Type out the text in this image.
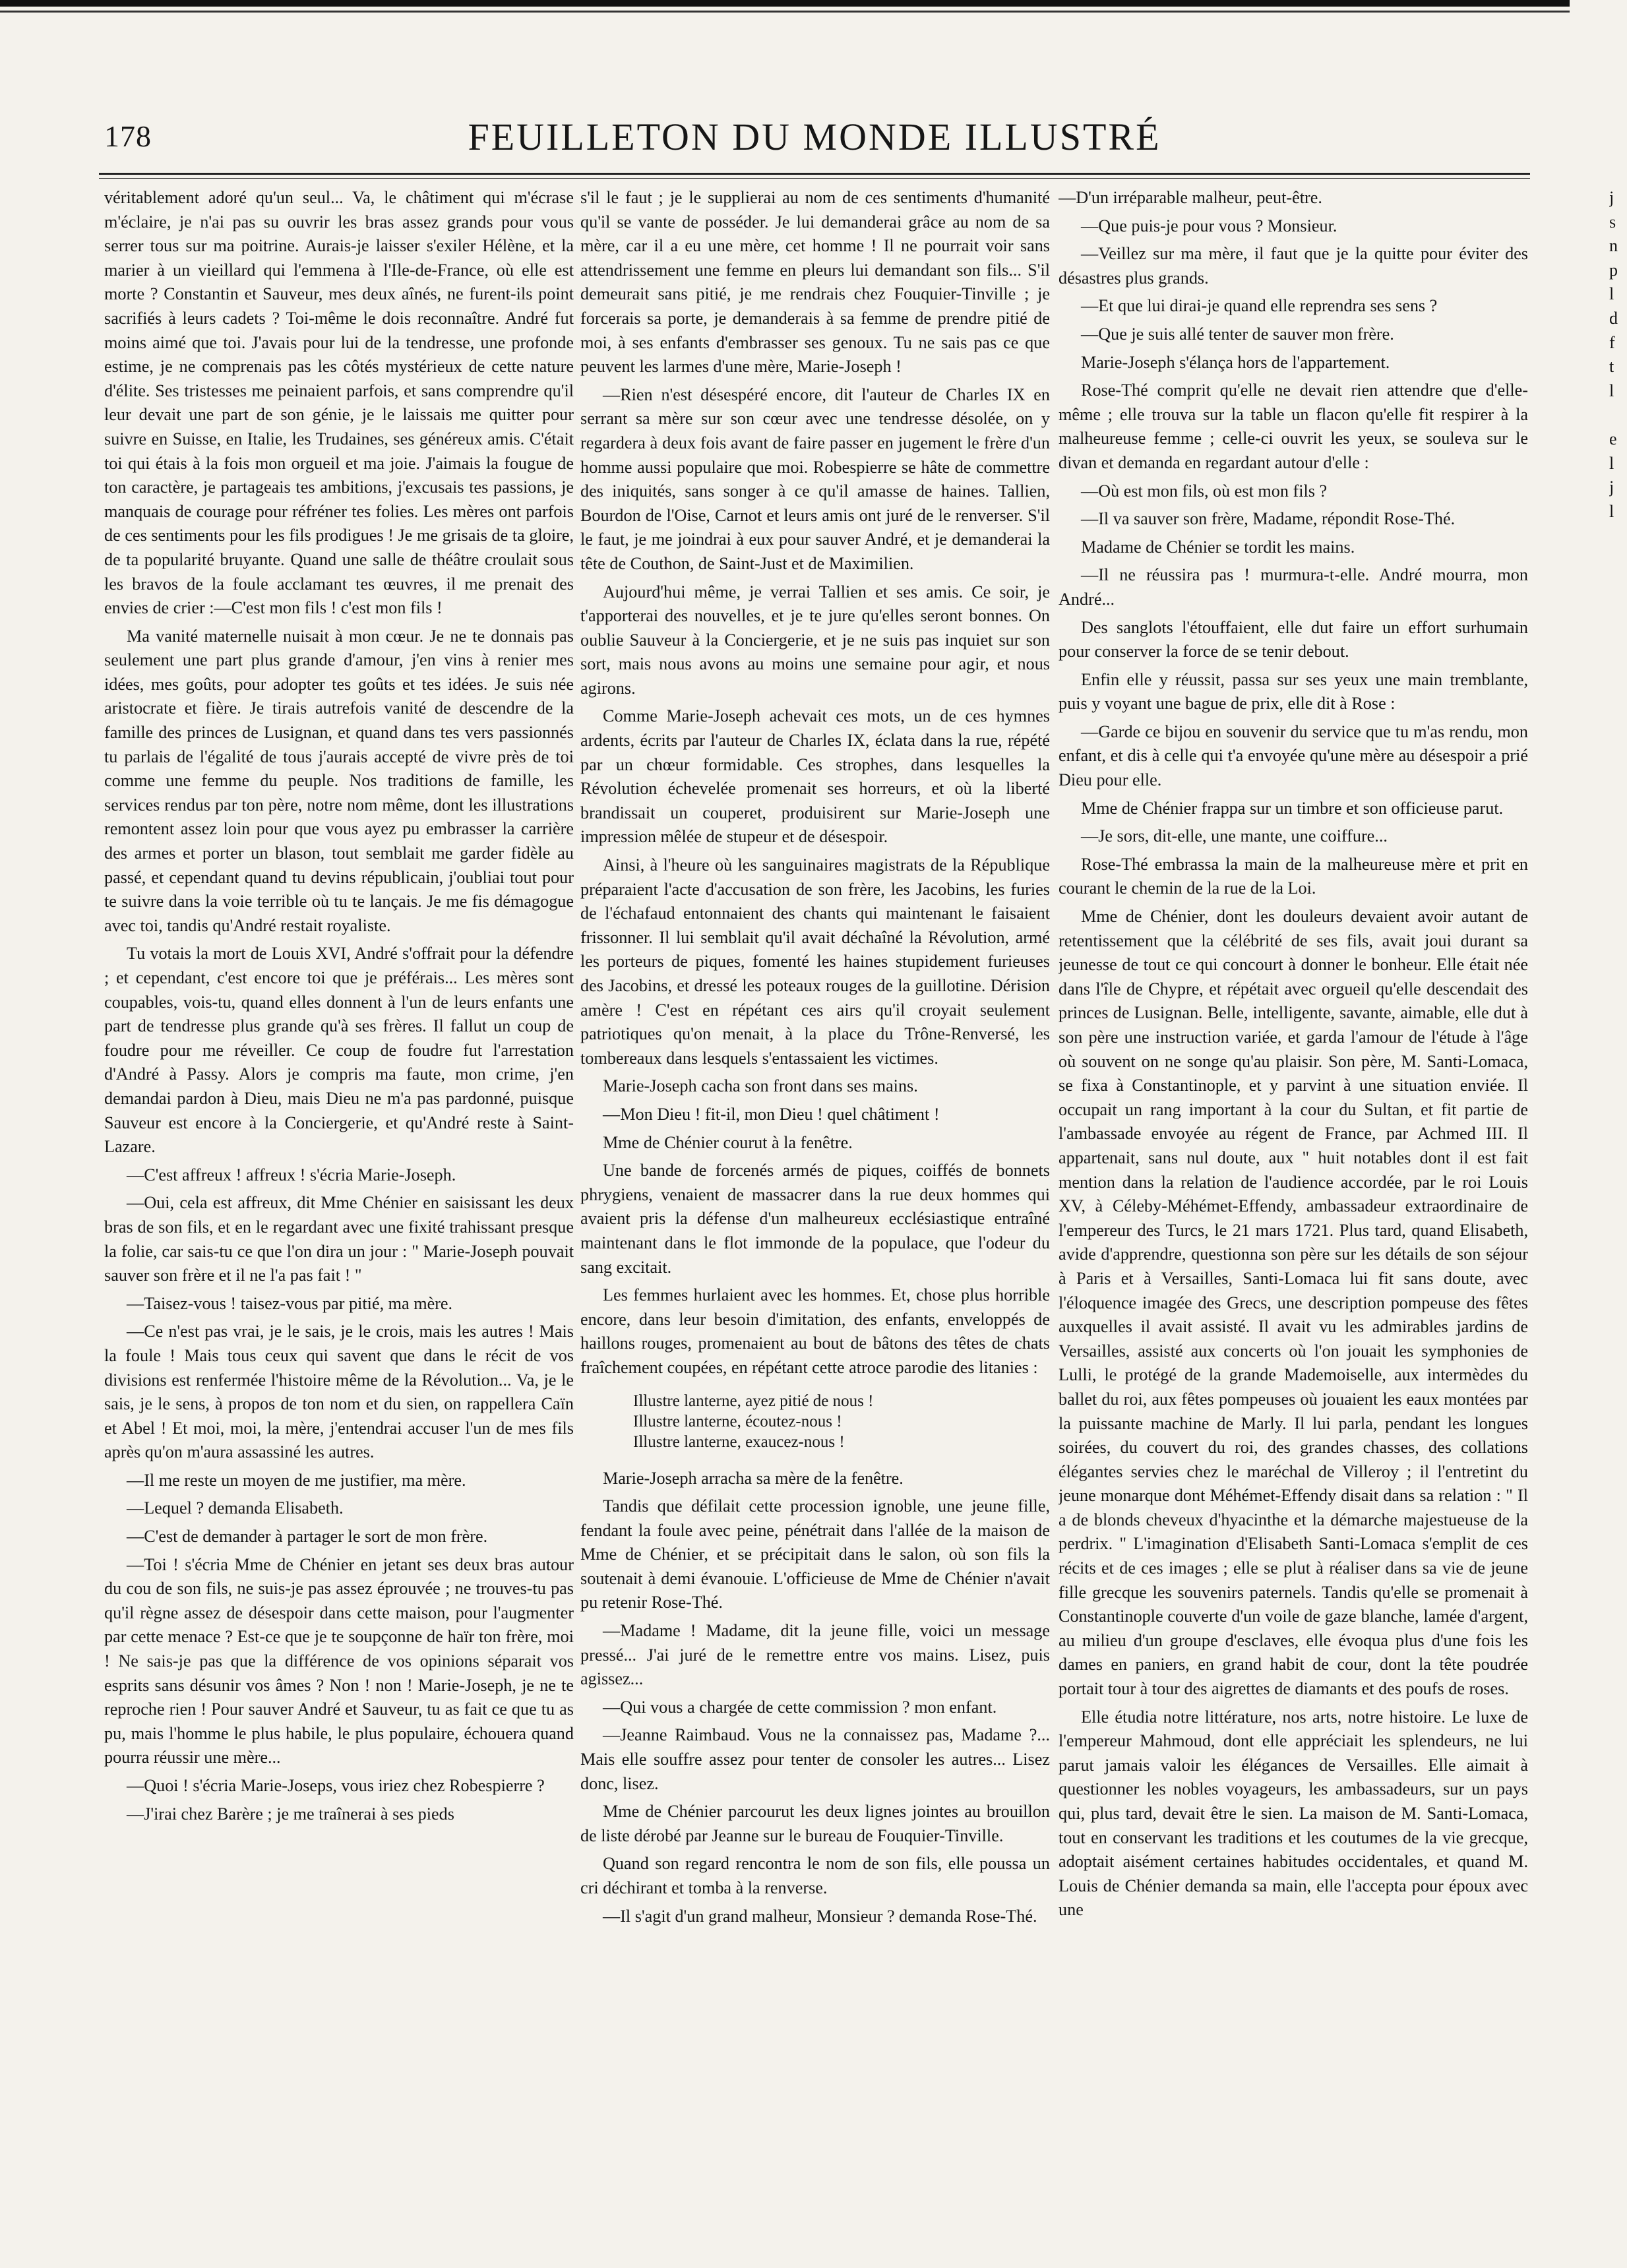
178	FEUILLETON DU MONDE ILLUSTRÉ

véritablement adoré qu'un seul... Va, le châtiment qui m'écrase m'éclaire, je n'ai pas su ouvrir les bras assez grands pour vous serrer tous sur ma poitrine. Aurais-je laisser s'exiler Hélène, et la marier à un vieillard qui l'emmena à l'Ile-de-France, où elle est morte ? Constantin et Sauveur, mes deux aînés, ne furent-ils point sacrifiés à leurs cadets ? Toi-même le dois reconnaître. André fut moins aimé que toi. J'avais pour lui de la tendresse, une profonde estime, je ne comprenais pas les côtés mystérieux de cette nature d'élite. Ses tristesses me peinaient parfois, et sans comprendre qu'il leur devait une part de son génie, je le laissais me quitter pour suivre en Suisse, en Italie, les Trudaines, ses généreux amis. C'était toi qui étais à la fois mon orgueil et ma joie. J'aimais la fougue de ton caractère, je partageais tes ambitions, j'excusais tes passions, je manquais de courage pour réfréner tes folies. Les mères ont parfois de ces sentiments pour les fils prodigues ! Je me grisais de ta gloire, de ta popularité bruyante. Quand une salle de théâtre croulait sous les bravos de la foule acclamant tes œuvres, il me prenait des envies de crier :—C'est mon fils ! c'est mon fils !

Ma vanité maternelle nuisait à mon cœur. Je ne te donnais pas seulement une part plus grande d'amour, j'en vins à renier mes idées, mes goûts, pour adopter tes goûts et tes idées. Je suis née aristocrate et fière. Je tirais autrefois vanité de descendre de la famille des princes de Lusignan, et quand dans tes vers passionnés tu parlais de l'égalité de tous j'aurais accepté de vivre près de toi comme une femme du peuple. Nos traditions de famille, les services rendus par ton père, notre nom même, dont les illustrations remontent assez loin pour que vous ayez pu embrasser la carrière des armes et porter un blason, tout semblait me garder fidèle au passé, et cependant quand tu devins républicain, j'oubliai tout pour te suivre dans la voie terrible où tu te lançais. Je me fis démagogue avec toi, tandis qu'André restait royaliste.

Tu votais la mort de Louis XVI, André s'offrait pour la défendre ; et cependant, c'est encore toi que je préférais... Les mères sont coupables, vois-tu, quand elles donnent à l'un de leurs enfants une part de tendresse plus grande qu'à ses frères. Il fallut un coup de foudre pour me réveiller. Ce coup de foudre fut l'arrestation d'André à Passy. Alors je compris ma faute, mon crime, j'en demandai pardon à Dieu, mais Dieu ne m'a pas pardonné, puisque Sauveur est encore à la Conciergerie, et qu'André reste à Saint-Lazare.

—C'est affreux ! affreux ! s'écria Marie-Joseph.

—Oui, cela est affreux, dit Mme Chénier en saisissant les deux bras de son fils, et en le regardant avec une fixité trahissant presque la folie, car sais-tu ce que l'on dira un jour : " Marie-Joseph pouvait sauver son frère et il ne l'a pas fait ! "

—Taisez-vous ! taisez-vous par pitié, ma mère.

—Ce n'est pas vrai, je le sais, je le crois, mais les autres ! Mais la foule ! Mais tous ceux qui savent que dans le récit de vos divisions est renfermée l'histoire même de la Révolution... Va, je le sais, je le sens, à propos de ton nom et du sien, on rappellera Caïn et Abel ! Et moi, moi, la mère, j'entendrai accuser l'un de mes fils après qu'on m'aura assassiné les autres.

—Il me reste un moyen de me justifier, ma mère.

—Lequel ? demanda Elisabeth.

—C'est de demander à partager le sort de mon frère.

—Toi ! s'écria Mme de Chénier en jetant ses deux bras autour du cou de son fils, ne suis-je pas assez éprouvée ; ne trouves-tu pas qu'il règne assez de désespoir dans cette maison, pour l'augmenter par cette menace ? Est-ce que je te soupçonne de haïr ton frère, moi ! Ne sais-je pas que la différence de vos opinions séparait vos esprits sans désunir vos âmes ? Non ! non ! Marie-Joseph, je ne te reproche rien ! Pour sauver André et Sauveur, tu as fait ce que tu as pu, mais l'homme le plus habile, le plus populaire, échouera quand pourra réussir une mère...

—Quoi ! s'écria Marie-Joseps, vous iriez chez Robespierre ?

—J'irai chez Barère ; je me traînerai à ses pieds

s'il le faut ; je le supplierai au nom de ces sentiments d'humanité qu'il se vante de posséder. Je lui demanderai grâce au nom de sa mère, car il a eu une mère, cet homme ! Il ne pourrait voir sans attendrissement une femme en pleurs lui demandant son fils... S'il demeurait sans pitié, je me rendrais chez Fouquier-Tinville ; je forcerais sa porte, je demanderais à sa femme de prendre pitié de moi, à ses enfants d'embrasser ses genoux. Tu ne sais pas ce que peuvent les larmes d'une mère, Marie-Joseph !

—Rien n'est désespéré encore, dit l'auteur de Charles IX en serrant sa mère sur son cœur avec une tendresse désolée, on y regardera à deux fois avant de faire passer en jugement le frère d'un homme aussi populaire que moi. Robespierre se hâte de commettre des iniquités, sans songer à ce qu'il amasse de haines. Tallien, Bourdon de l'Oise, Carnot et leurs amis ont juré de le renverser. S'il le faut, je me joindrai à eux pour sauver André, et je demanderai la tête de Couthon, de Saint-Just et de Maximilien.

Aujourd'hui même, je verrai Tallien et ses amis. Ce soir, je t'apporterai des nouvelles, et je te jure qu'elles seront bonnes. On oublie Sauveur à la Conciergerie, et je ne suis pas inquiet sur son sort, mais nous avons au moins une semaine pour agir, et nous agirons.

Comme Marie-Joseph achevait ces mots, un de ces hymnes ardents, écrits par l'auteur de Charles IX, éclata dans la rue, répété par un chœur formidable. Ces strophes, dans lesquelles la Révolution échevelée promenait ses horreurs, et où la liberté brandissait un couperet, produisirent sur Marie-Joseph une impression mêlée de stupeur et de désespoir.

Ainsi, à l'heure où les sanguinaires magistrats de la République préparaient l'acte d'accusation de son frère, les Jacobins, les furies de l'échafaud entonnaient des chants qui maintenant le faisaient frissonner. Il lui semblait qu'il avait déchaîné la Révolution, armé les porteurs de piques, fomenté les haines stupidement furieuses des Jacobins, et dressé les poteaux rouges de la guillotine. Dérision amère ! C'est en répétant ces airs qu'il croyait seulement patriotiques qu'on menait, à la place du Trône-Renversé, les tombereaux dans lesquels s'entassaient les victimes.

Marie-Joseph cacha son front dans ses mains.

—Mon Dieu ! fit-il, mon Dieu ! quel châtiment !

Mme de Chénier courut à la fenêtre.

Une bande de forcenés armés de piques, coiffés de bonnets phrygiens, venaient de massacrer dans la rue deux hommes qui avaient pris la défense d'un malheureux ecclésiastique entraîné maintenant dans le flot immonde de la populace, que l'odeur du sang excitait.

Les femmes hurlaient avec les hommes. Et, chose plus horrible encore, dans leur besoin d'imitation, des enfants, enveloppés de haillons rouges, promenaient au bout de bâtons des têtes de chats fraîchement coupées, en répétant cette atroce parodie des litanies :

Illustre lanterne, ayez pitié de nous !
Illustre lanterne, écoutez-nous !
Illustre lanterne, exaucez-nous !

Marie-Joseph arracha sa mère de la fenêtre.

Tandis que défilait cette procession ignoble, une jeune fille, fendant la foule avec peine, pénétrait dans l'allée de la maison de Mme de Chénier, et se précipitait dans le salon, où son fils la soutenait à demi évanouie. L'officieuse de Mme de Chénier n'avait pu retenir Rose-Thé.

—Madame ! Madame, dit la jeune fille, voici un message pressé... J'ai juré de le remettre entre vos mains. Lisez, puis agissez...

—Qui vous a chargée de cette commission ? mon enfant.

—Jeanne Raimbaud. Vous ne la connaissez pas, Madame ?... Mais elle souffre assez pour tenter de consoler les autres... Lisez donc, lisez.

Mme de Chénier parcourut les deux lignes jointes au brouillon de liste dérobé par Jeanne sur le bureau de Fouquier-Tinville.

Quand son regard rencontra le nom de son fils, elle poussa un cri déchirant et tomba à la renverse.

—Il s'agit d'un grand malheur, Monsieur ? demanda Rose-Thé.

—D'un irréparable malheur, peut-être.

—Que puis-je pour vous ? Monsieur.

—Veillez sur ma mère, il faut que je la quitte pour éviter des désastres plus grands.

—Et que lui dirai-je quand elle reprendra ses sens ?

—Que je suis allé tenter de sauver mon frère.

Marie-Joseph s'élança hors de l'appartement.

Rose-Thé comprit qu'elle ne devait rien attendre que d'elle-même ; elle trouva sur la table un flacon qu'elle fit respirer à la malheureuse femme ; celle-ci ouvrit les yeux, se souleva sur le divan et demanda en regardant autour d'elle :

—Où est mon fils, où est mon fils ?

—Il va sauver son frère, Madame, répondit Rose-Thé.

Madame de Chénier se tordit les mains.

—Il ne réussira pas ! murmura-t-elle. André mourra, mon André...

Des sanglots l'étouffaient, elle dut faire un effort surhumain pour conserver la force de se tenir debout.

Enfin elle y réussit, passa sur ses yeux une main tremblante, puis y voyant une bague de prix, elle dit à Rose :

—Garde ce bijou en souvenir du service que tu m'as rendu, mon enfant, et dis à celle qui t'a envoyée qu'une mère au désespoir a prié Dieu pour elle.

Mme de Chénier frappa sur un timbre et son officieuse parut.

—Je sors, dit-elle, une mante, une coiffure...

Rose-Thé embrassa la main de la malheureuse mère et prit en courant le chemin de la rue de la Loi.

Mme de Chénier, dont les douleurs devaient avoir autant de retentissement que la célébrité de ses fils, avait joui durant sa jeunesse de tout ce qui concourt à donner le bonheur. Elle était née dans l'île de Chypre, et répétait avec orgueil qu'elle descendait des princes de Lusignan. Belle, intelligente, savante, aimable, elle dut à son père une instruction variée, et garda l'amour de l'étude à l'âge où souvent on ne songe qu'au plaisir. Son père, M. Santi-Lomaca, se fixa à Constantinople, et y parvint à une situation enviée. Il occupait un rang important à la cour du Sultan, et fit partie de l'ambassade envoyée au régent de France, par Achmed III. Il appartenait, sans nul doute, aux " huit notables dont il est fait mention dans la relation de l'audience accordée, par le roi Louis XV, à Céleby-Méhémet-Effendy, ambassadeur extraordinaire de l'empereur des Turcs, le 21 mars 1721. Plus tard, quand Elisabeth, avide d'apprendre, questionna son père sur les détails de son séjour à Paris et à Versailles, Santi-Lomaca lui fit sans doute, avec l'éloquence imagée des Grecs, une description pompeuse des fêtes auxquelles il avait assisté. Il avait vu les admirables jardins de Versailles, assisté aux concerts où l'on jouait les symphonies de Lulli, le protégé de la grande Mademoiselle, aux intermèdes du ballet du roi, aux fêtes pompeuses où jouaient les eaux montées par la puissante machine de Marly. Il lui parla, pendant les longues soirées, du couvert du roi, des grandes chasses, des collations élégantes servies chez le maréchal de Villeroy ; il l'entretint du jeune monarque dont Méhémet-Effendy disait dans sa relation : " Il a de blonds cheveux d'hyacinthe et la démarche majestueuse de la perdrix. " L'imagination d'Elisabeth Santi-Lomaca s'emplit de ces récits et de ces images ; elle se plut à réaliser dans sa vie de jeune fille grecque les souvenirs paternels. Tandis qu'elle se promenait à Constantinople couverte d'un voile de gaze blanche, lamée d'argent, au milieu d'un groupe d'esclaves, elle évoqua plus d'une fois les dames en paniers, en grand habit de cour, dont la tête poudrée portait tour à tour des aigrettes de diamants et des poufs de roses.

Elle étudia notre littérature, nos arts, notre histoire. Le luxe de l'empereur Mahmoud, dont elle appréciait les splendeurs, ne lui parut jamais valoir les élégances de Versailles. Elle aimait à questionner les nobles voyageurs, les ambassadeurs, sur un pays qui, plus tard, devait être le sien. La maison de M. Santi-Lomaca, tout en conservant les traditions et les coutumes de la vie grecque, adoptait aisément certaines habitudes occidentales, et quand M. Louis de Chénier demanda sa main, elle l'accepta pour époux avec une

j
s
n
p
l
d
f
t
l

e
l
j
l
